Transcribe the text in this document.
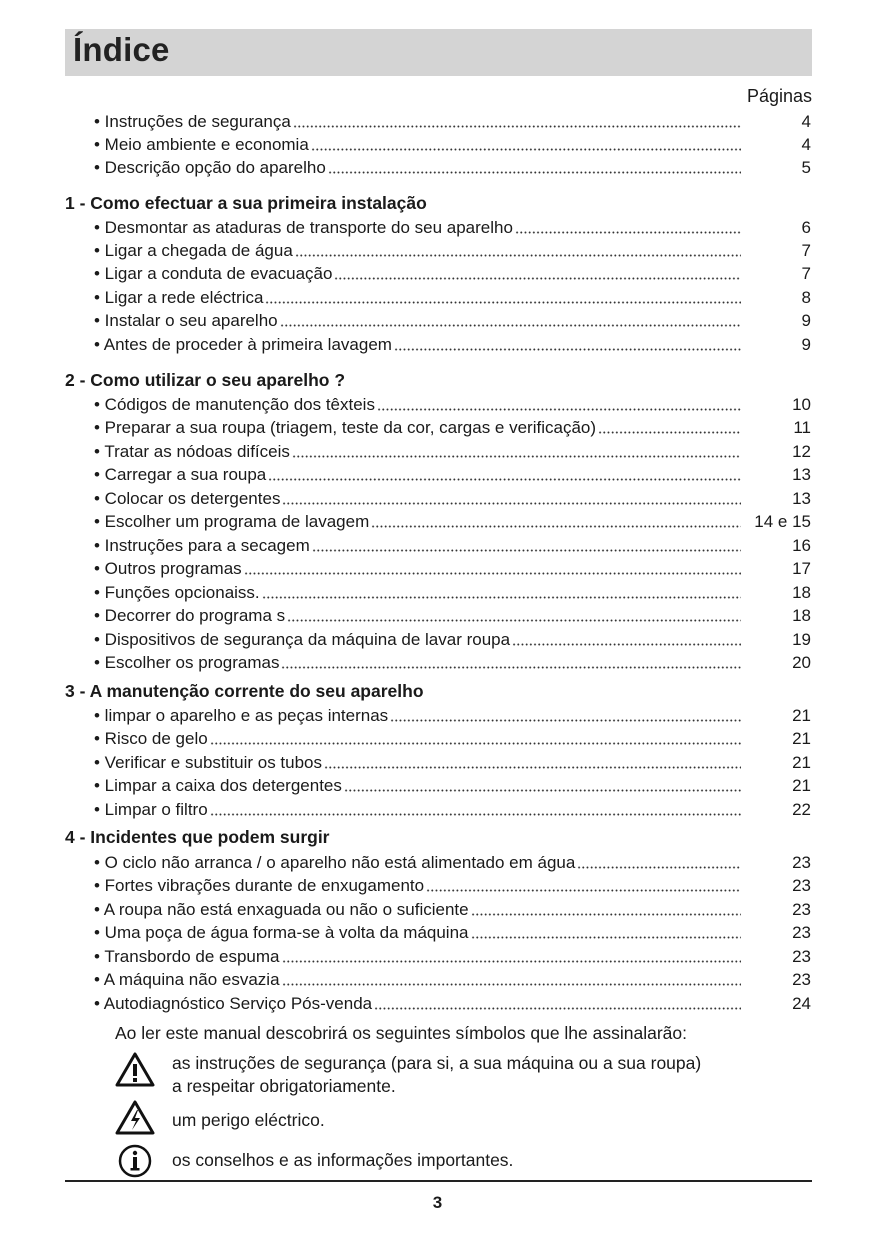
Índice
Páginas
• Instruções de segurança	4
• Meio ambiente e economia	4
• Descrição opção do aparelho	5
1 - Como efectuar a sua primeira instalação
• Desmontar as ataduras de transporte do seu aparelho	6
• Ligar a chegada de água	7
• Ligar a conduta de evacuação	7
• Ligar a rede eléctrica	8
• Instalar o seu aparelho	9
• Antes de proceder à primeira lavagem	9
2 - Como utilizar o seu aparelho ?
• Códigos de manutenção dos têxteis	10
• Preparar a sua roupa (triagem, teste da cor, cargas e verificação)	11
• Tratar as nódoas difíceis	12
• Carregar a sua roupa	13
• Colocar os detergentes	13
• Escolher um programa de lavagem	14 e 15
• Instruções para a secagem	16
• Outros programas	17
• Funções opcionaiss.	18
• Decorrer do programa s	18
• Dispositivos de segurança da máquina de lavar roupa	19
• Escolher os programas	20
3 - A manutenção corrente do seu aparelho
• limpar o aparelho e as peças internas	21
• Risco de gelo	21
• Verificar e substituir os tubos	21
• Limpar a caixa dos detergentes	21
• Limpar o filtro	22
4 - Incidentes que podem surgir
• O ciclo não arranca / o aparelho não está alimentado em água	23
• Fortes vibrações durante de enxugamento	23
• A roupa não está enxaguada ou não o suficiente	23
• Uma poça de água forma-se à volta da máquina	23
• Transbordo de espuma	23
• A máquina não esvazia	23
• Autodiagnóstico Serviço Pós-venda	24
Ao ler este manual descobrirá os seguintes símbolos que lhe assinalarão:
as instruções de segurança (para si, a sua máquina ou a sua roupa)
a respeitar obrigatoriamente.
um perigo eléctrico.
os conselhos e as informações importantes.
3
